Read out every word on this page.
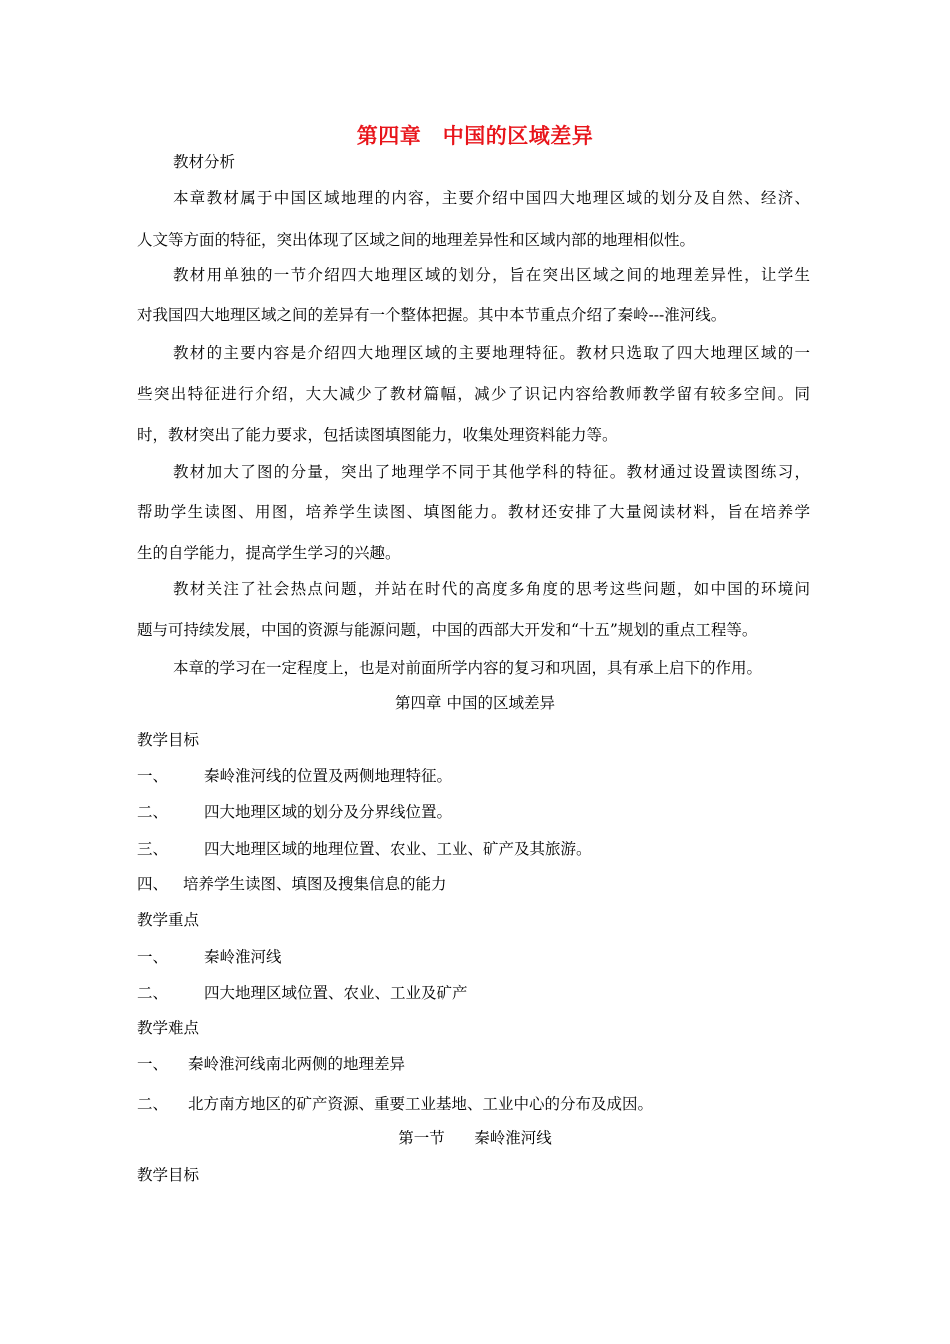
第四章　中国的区域差异
教材分析
本章教材属于中国区域地理的内容，主要介绍中国四大地理区域的划分及自然、经济、
人文等方面的特征，突出体现了区域之间的地理差异性和区域内部的地理相似性。
教材用单独的一节介绍四大地理区域的划分，旨在突出区域之间的地理差异性，让学生
对我国四大地理区域之间的差异有一个整体把握。其中本节重点介绍了秦岭---淮河线。
教材的主要内容是介绍四大地理区域的主要地理特征。教材只选取了四大地理区域的一
些突出特征进行介绍，大大减少了教材篇幅，减少了识记内容给教师教学留有较多空间。同
时，教材突出了能力要求，包括读图填图能力，收集处理资料能力等。
教材加大了图的分量，突出了地理学不同于其他学科的特征。教材通过设置读图练习，
帮助学生读图、用图，培养学生读图、填图能力。教材还安排了大量阅读材料，旨在培养学
生的自学能力，提高学生学习的兴趣。
教材关注了社会热点问题，并站在时代的高度多角度的思考这些问题，如中国的环境问
题与可持续发展，中国的资源与能源问题，中国的西部大开发和“十五”规划的重点工程等。
本章的学习在一定程度上，也是对前面所学内容的复习和巩固，具有承上启下的作用。
第四章 中国的区域差异
教学目标
一、 秦岭淮河线的位置及两侧地理特征。
二、 四大地理区域的划分及分界线位置。
三、 四大地理区域的地理位置、农业、工业、矿产及其旅游。
四、 培养学生读图、填图及搜集信息的能力
教学重点
一、 秦岭淮河线
二、 四大地理区域位置、农业、工业及矿产
教学难点
一、 秦岭淮河线南北两侧的地理差异
二、 北方南方地区的矿产资源、重要工业基地、工业中心的分布及成因。
第一节      秦岭淮河线
教学目标
